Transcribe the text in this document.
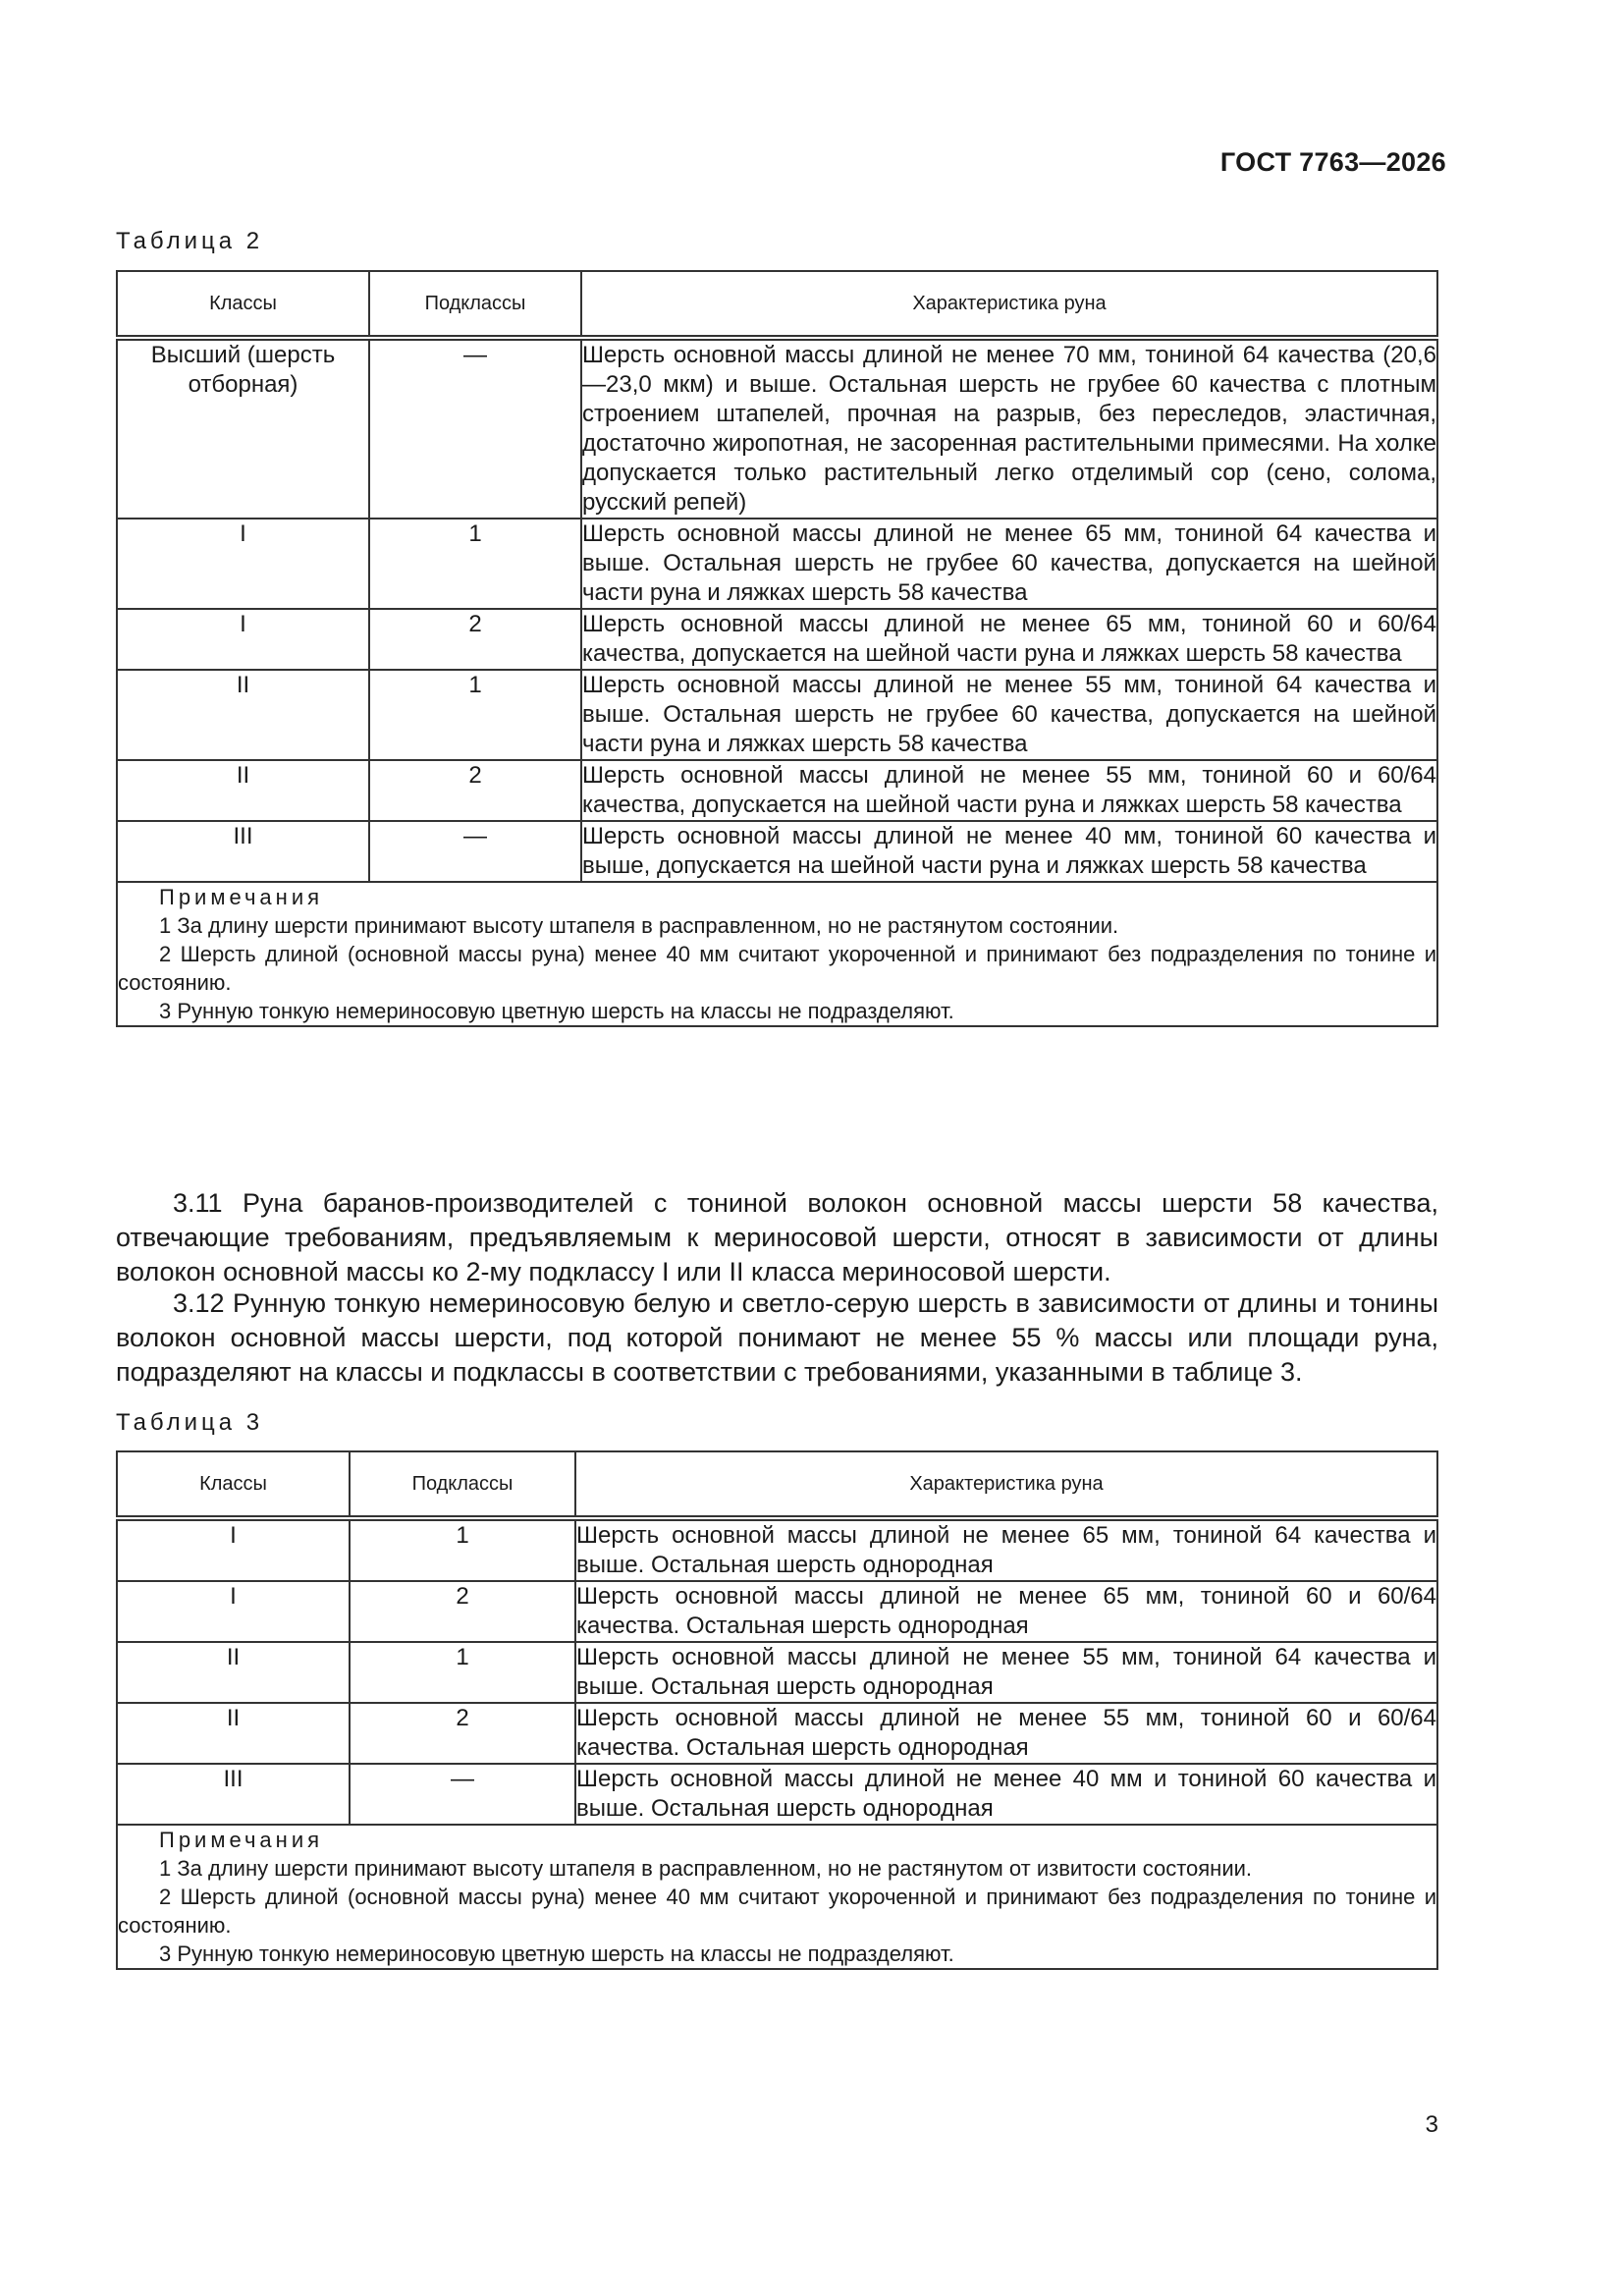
ГОСТ 7763—2026
Таблица 2
Классы	Подклассы	Характеристика руна
Высший (шерсть отборная)	—	Шерсть основной массы длиной не менее 70 мм, тониной 64 качества (20,6—23,0 мкм) и выше. Остальная шерсть не грубее 60 качества с плотным строением штапелей, прочная на разрыв, без переследов, эластичная, достаточно жиропотная, не засоренная растительными примесями. На холке допускается только растительный легко отделимый сор (сено, солома, русский репей)
I	1	Шерсть основной массы длиной не менее 65 мм, тониной 64 качества и выше. Остальная шерсть не грубее 60 качества, допускается на шейной части руна и ляжках шерсть 58 качества
I	2	Шерсть основной массы длиной не менее 65 мм, тониной 60 и 60/64 качества, допускается на шейной части руна и ляжках шерсть 58 качества
II	1	Шерсть основной массы длиной не менее 55 мм, тониной 64 качества и выше. Остальная шерсть не грубее 60 качества, допускается на шейной части руна и ляжках шерсть 58 качества
II	2	Шерсть основной массы длиной не менее 55 мм, тониной 60 и 60/64 качества, допускается на шейной части руна и ляжках шерсть 58 качества
III	—	Шерсть основной массы длиной не менее 40 мм, тониной 60 качества и выше, допускается на шейной части руна и ляжках шерсть 58 качества

Примечания
1 За длину шерсти принимают высоту штапеля в расправленном, но не растянутом состоянии.
2 Шерсть длиной (основной массы руна) менее 40 мм считают укороченной и принимают без подразделения по тонине и состоянию.
3 Рунную тонкую немериносовую цветную шерсть на классы не подразделяют.		
3.11 Руна баранов-производителей с тониной волокон основной массы шерсти 58 качества, отвечающие требованиям, предъявляемым к мериносовой шерсти, относят в зависимости от длины волокон основной массы ко 2-му подклассу I или II класса мериносовой шерсти.
3.12 Рунную тонкую немериносовую белую и светло-серую шерсть в зависимости от длины и тонины волокон основной массы шерсти, под которой понимают не менее 55 % массы или площади руна, подразделяют на классы и подклассы в соответствии с требованиями, указанными в таблице 3.
Таблица 3
Классы	Подклассы	Характеристика руна
I	1	Шерсть основной массы длиной не менее 65 мм, тониной 64 качества и выше. Остальная шерсть однородная
I	2	Шерсть основной массы длиной не менее 65 мм, тониной 60 и 60/64 качества. Остальная шерсть однородная
II	1	Шерсть основной массы длиной не менее 55 мм, тониной 64 качества и выше. Остальная шерсть однородная
II	2	Шерсть основной массы длиной не менее 55 мм, тониной 60 и 60/64 качества. Остальная шерсть однородная
III	—	Шерсть основной массы длиной не менее 40 мм и тониной 60 качества и выше. Остальная шерсть однородная

Примечания
1 За длину шерсти принимают высоту штапеля в расправленном, но не растянутом от извитости состоянии.
2 Шерсть длиной (основной массы руна) менее 40 мм считают укороченной и принимают без подразделения по тонине и состоянию.
3 Рунную тонкую немериносовую цветную шерсть на классы не подразделяют.		
3
